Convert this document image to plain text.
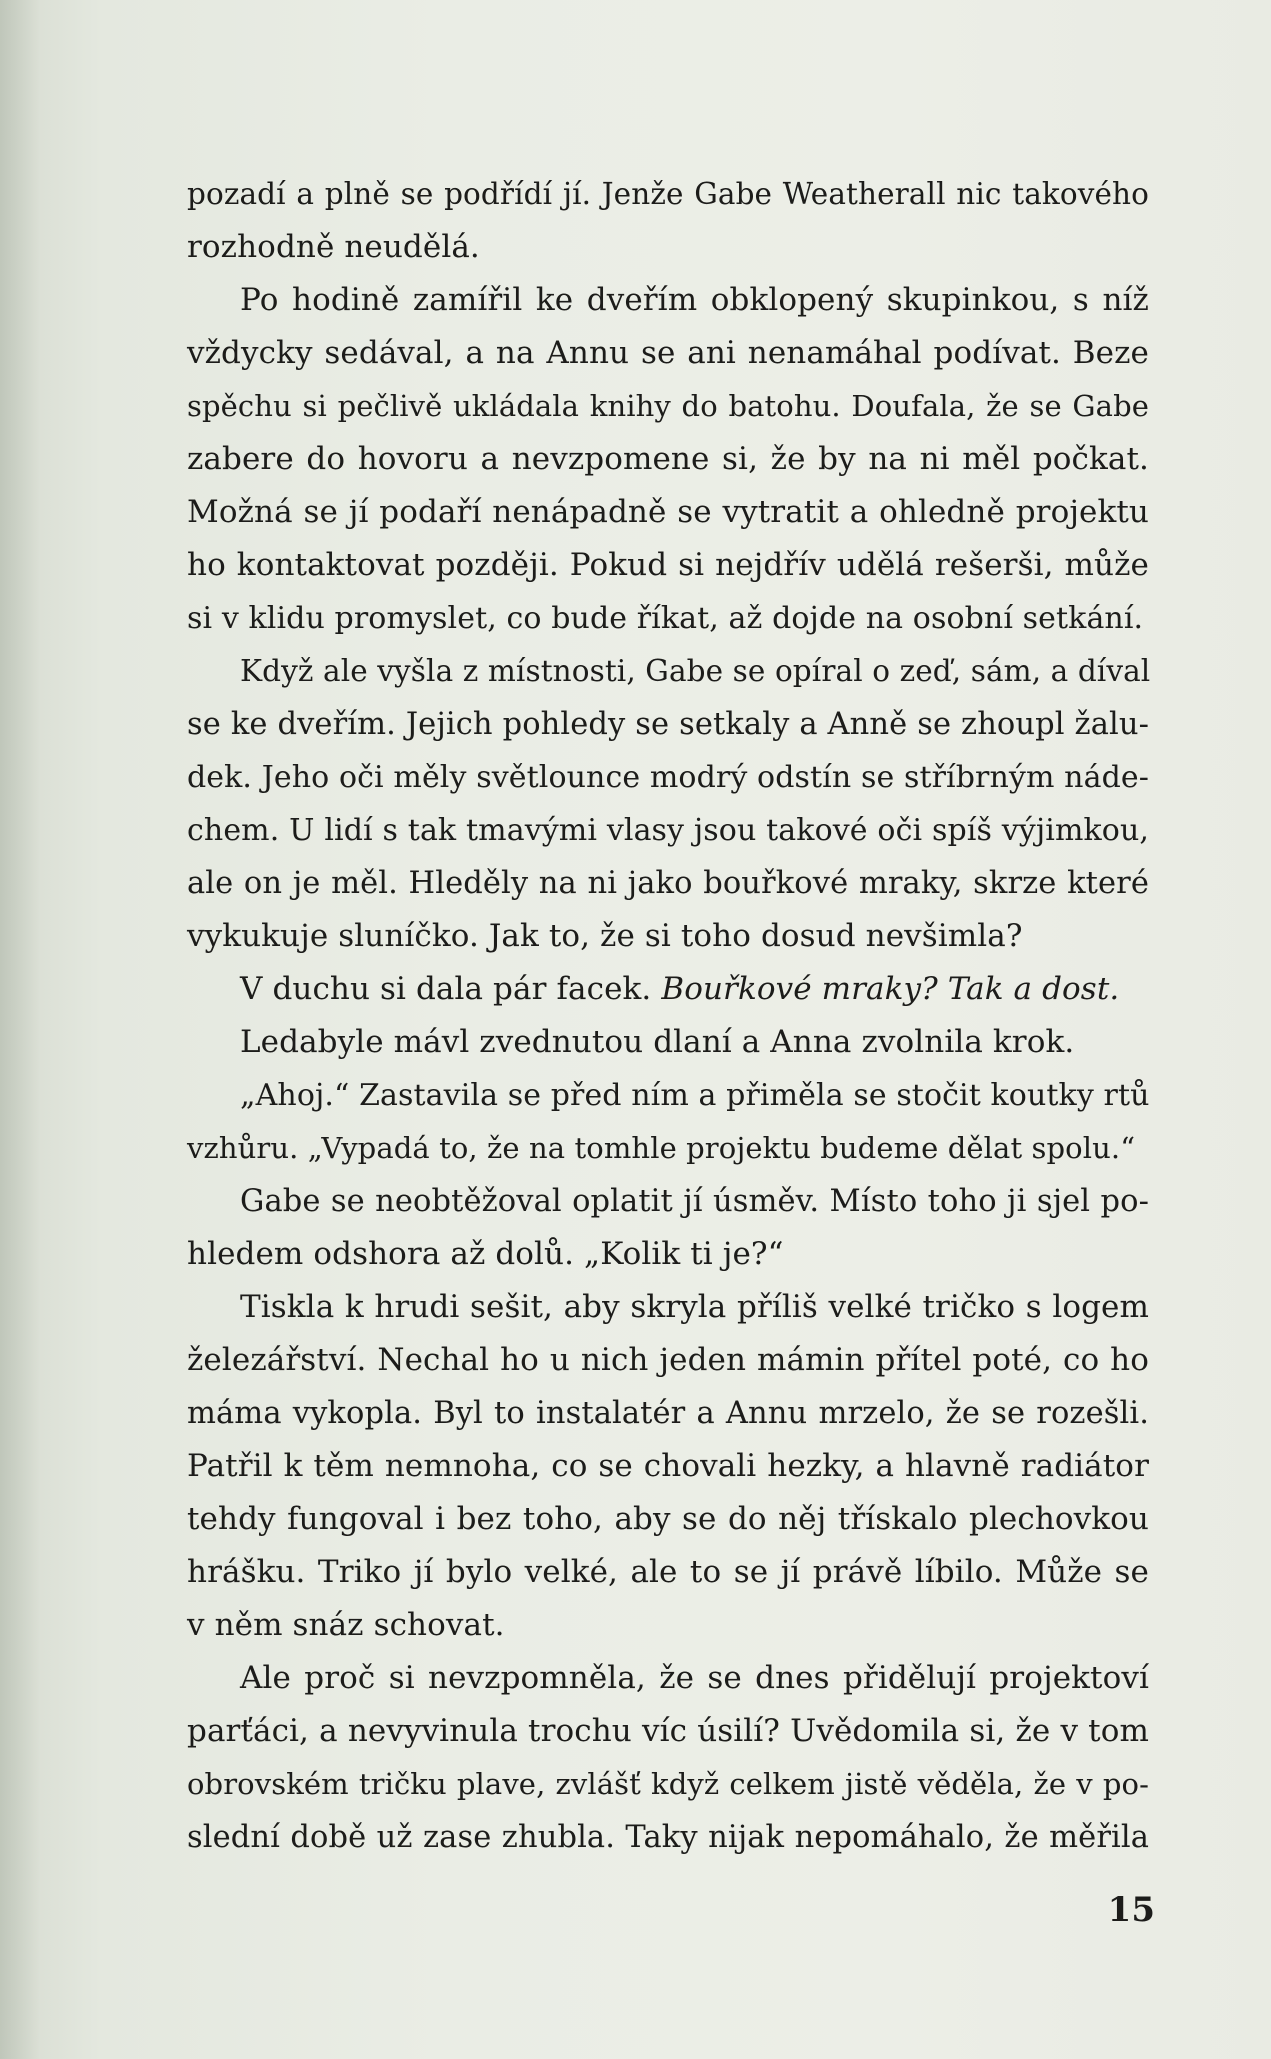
pozadí a plně se podřídí jí. Jenže Gabe Weatherall nic takového
rozhodně neudělá.
Po hodině zamířil ke dveřím obklopený skupinkou, s níž
vždycky sedával, a na Annu se ani nenamáhal podívat. Beze
spěchu si pečlivě ukládala knihy do batohu. Doufala, že se Gabe
zabere do hovoru a nevzpomene si, že by na ni měl počkat.
Možná se jí podaří nenápadně se vytratit a ohledně projektu
ho kontaktovat později. Pokud si nejdřív udělá rešerši, může
si v klidu promyslet, co bude říkat, až dojde na osobní setkání.
Když ale vyšla z místnosti, Gabe se opíral o zeď, sám, a díval
se ke dveřím. Jejich pohledy se setkaly a Anně se zhoupl žalu-
dek. Jeho oči měly světlounce modrý odstín se stříbrným náde-
chem. U lidí s tak tmavými vlasy jsou takové oči spíš výjimkou,
ale on je měl. Hleděly na ni jako bouřkové mraky, skrze které
vykukuje sluníčko. Jak to, že si toho dosud nevšimla?
V duchu si dala pár facek. Bouřkové mraky? Tak a dost.
Ledabyle mávl zvednutou dlaní a Anna zvolnila krok.
„Ahoj.“ Zastavila se před ním a přiměla se stočit koutky rtů
vzhůru. „Vypadá to, že na tomhle projektu budeme dělat spolu.“
Gabe se neobtěžoval oplatit jí úsměv. Místo toho ji sjel po-
hledem odshora až dolů. „Kolik ti je?“
Tiskla k hrudi sešit, aby skryla příliš velké tričko s logem
železářství. Nechal ho u nich jeden mámin přítel poté, co ho
máma vykopla. Byl to instalatér a Annu mrzelo, že se rozešli.
Patřil k těm nemnoha, co se chovali hezky, a hlavně radiátor
tehdy fungoval i bez toho, aby se do něj třískalo plechovkou
hrášku. Triko jí bylo velké, ale to se jí právě líbilo. Může se
v něm snáz schovat.
Ale proč si nevzpomněla, že se dnes přidělují projektoví
parťáci, a nevyvinula trochu víc úsilí? Uvědomila si, že v tom
obrovském tričku plave, zvlášť když celkem jistě věděla, že v po-
slední době už zase zhubla. Taky nijak nepomáhalo, že měřila
15
